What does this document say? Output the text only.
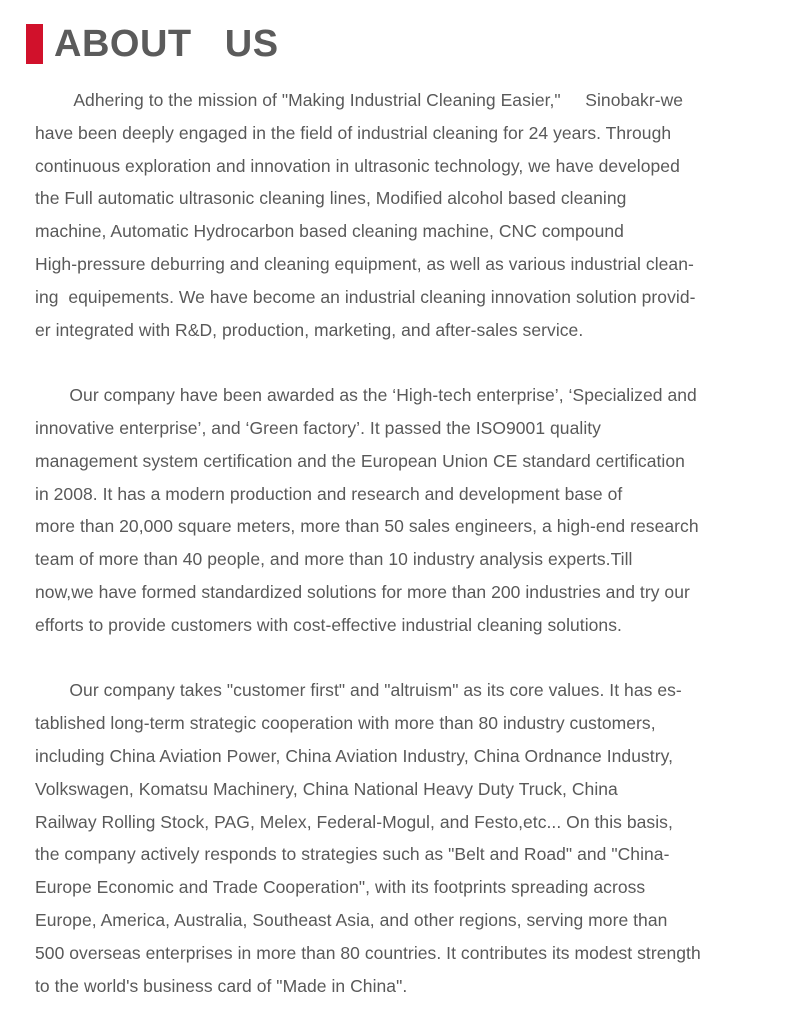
ABOUT   US

Adhering to the mission of "Making Industrial Cleaning Easier,"     Sinobakr-we
have been deeply engaged in the field of industrial cleaning for 24 years. Through
continuous exploration and innovation in ultrasonic technology, we have developed
the Full automatic ultrasonic cleaning lines, Modified alcohol based cleaning
machine, Automatic Hydrocarbon based cleaning machine, CNC compound
High-pressure deburring and cleaning equipment, as well as various industrial clean-
ing  equipements. We have become an industrial cleaning innovation solution provid-
er integrated with R&D, production, marketing, and after-sales service.

Our company have been awarded as the ‘High-tech enterprise’, ‘Specialized and
innovative enterprise’, and ‘Green factory’. It passed the ISO9001 quality
management system certification and the European Union CE standard certification
in 2008. It has a modern production and research and development base of
more than 20,000 square meters, more than 50 sales engineers, a high-end research
team of more than 40 people, and more than 10 industry analysis experts.Till
now,we have formed standardized solutions for more than 200 industries and try our
efforts to provide customers with cost-effective industrial cleaning solutions.

Our company takes "customer first" and "altruism" as its core values. It has es-
tablished long-term strategic cooperation with more than 80 industry customers,
including China Aviation Power, China Aviation Industry, China Ordnance Industry,
Volkswagen, Komatsu Machinery, China National Heavy Duty Truck, China
Railway Rolling Stock, PAG, Melex, Federal-Mogul, and Festo,etc... On this basis,
the company actively responds to strategies such as "Belt and Road" and "China-
Europe Economic and Trade Cooperation", with its footprints spreading across
Europe, America, Australia, Southeast Asia, and other regions, serving more than
500 overseas enterprises in more than 80 countries. It contributes its modest strength
to the world's business card of "Made in China".
